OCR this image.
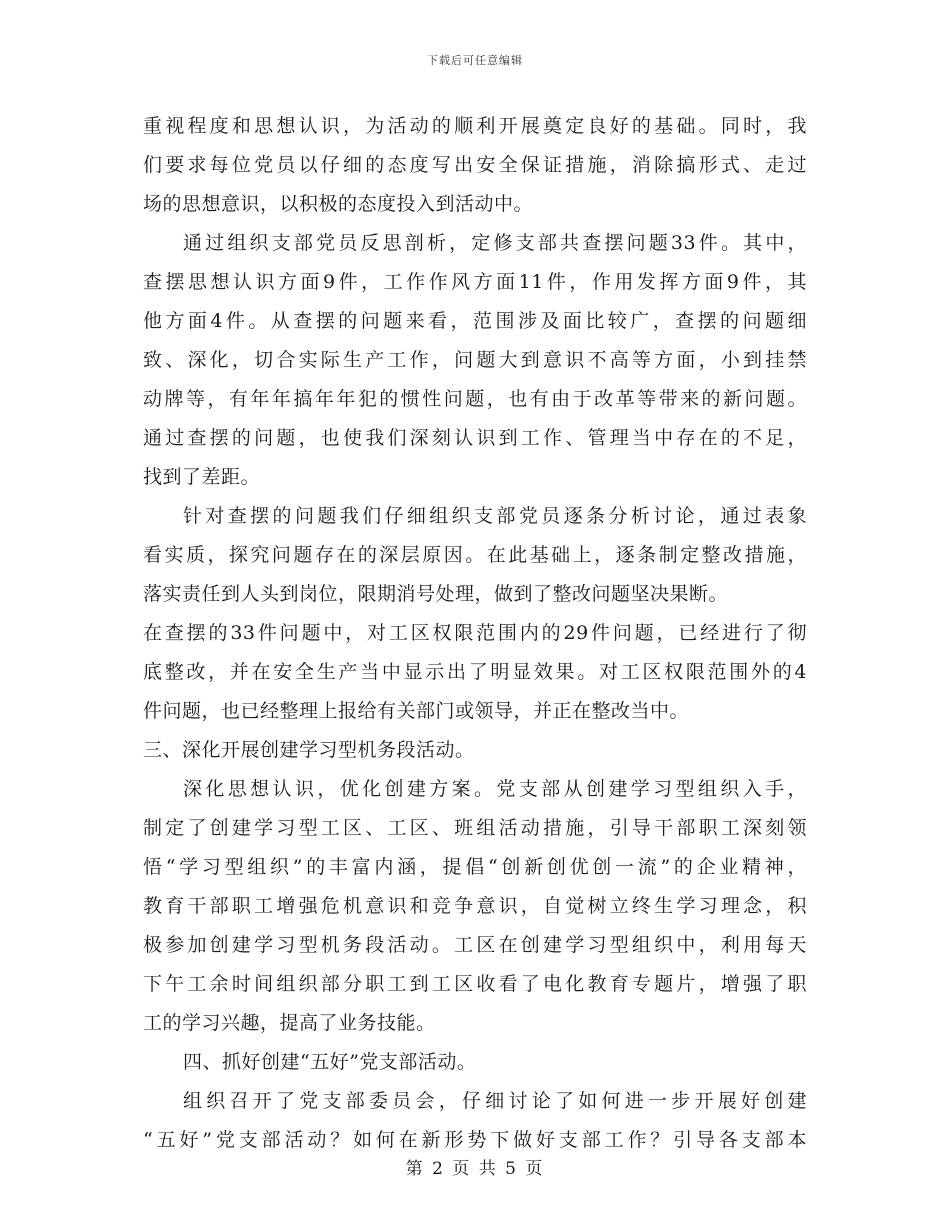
下载后可任意编辑
重视程度和思想认识，为活动的顺利开展奠定良好的基础。同时，我
们要求每位党员以仔细的态度写出安全保证措施，消除搞形式、走过
场的思想意识，以积极的态度投入到活动中。
通过组织支部党员反思剖析，定修支部共查摆问题33件。其中，
查摆思想认识方面9件，工作作风方面11件，作用发挥方面9件，其
他方面4件。从查摆的问题来看，范围涉及面比较广，查摆的问题细
致、深化，切合实际生产工作，问题大到意识不高等方面，小到挂禁
动牌等，有年年搞年年犯的惯性问题，也有由于改革等带来的新问题。
通过查摆的问题，也使我们深刻认识到工作、管理当中存在的不足，
找到了差距。
针对查摆的问题我们仔细组织支部党员逐条分析讨论，通过表象
看实质，探究问题存在的深层原因。在此基础上，逐条制定整改措施，
落实责任到人头到岗位，限期消号处理，做到了整改问题坚决果断。
在查摆的33件问题中，对工区权限范围内的29件问题，已经进行了彻
底整改，并在安全生产当中显示出了明显效果。对工区权限范围外的4
件问题，也已经整理上报给有关部门或领导，并正在整改当中。
三、深化开展创建学习型机务段活动。
深化思想认识，优化创建方案。党支部从创建学习型组织入手，
制定了创建学习型工区、工区、班组活动措施，引导干部职工深刻领
悟“学习型组织”的丰富内涵，提倡“创新创优创一流”的企业精神，
教育干部职工增强危机意识和竞争意识，自觉树立终生学习理念，积
极参加创建学习型机务段活动。工区在创建学习型组织中，利用每天
下午工余时间组织部分职工到工区收看了电化教育专题片，增强了职
工的学习兴趣，提高了业务技能。
四、抓好创建“五好”党支部活动。
组织召开了党支部委员会，仔细讨论了如何进一步开展好创建
“五好”党支部活动？如何在新形势下做好支部工作？引导各支部本
第 2 页 共 5 页
